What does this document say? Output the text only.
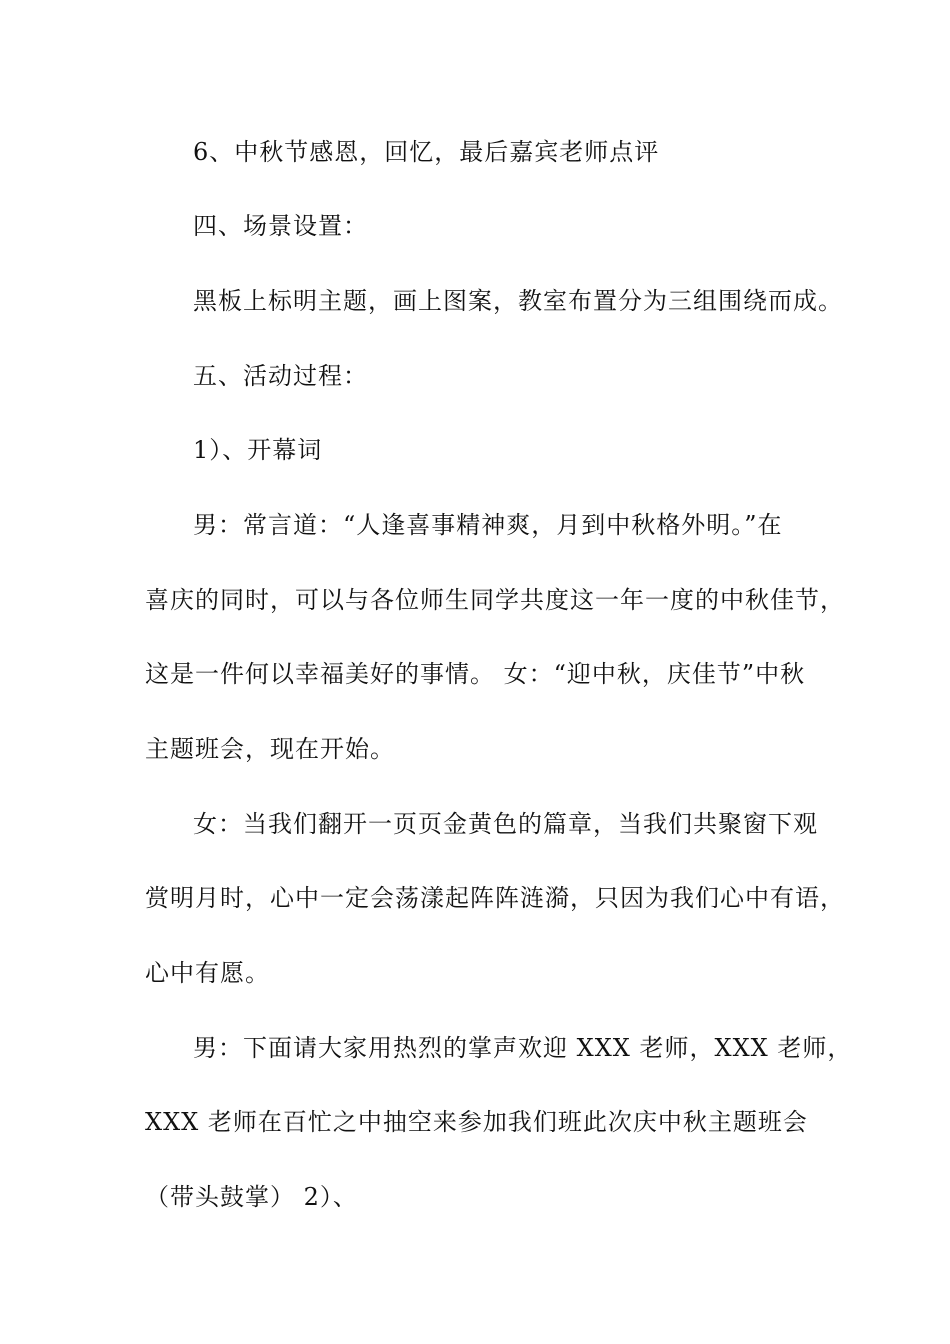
6、中秋节感恩，回忆，最后嘉宾老师点评
四、场景设置：
黑板上标明主题，画上图案，教室布置分为三组围绕而成。
五、活动过程：
1）、开幕词
男：常言道：“人逢喜事精神爽，月到中秋格外明。”在
喜庆的同时，可以与各位师生同学共度这一年一度的中秋佳节，
这是一件何以幸福美好的事情。 女：“迎中秋，庆佳节”中秋
主题班会，现在开始。
女：当我们翻开一页页金黄色的篇章，当我们共聚窗下观
赏明月时，心中一定会荡漾起阵阵涟漪，只因为我们心中有语，
心中有愿。
男：下面请大家用热烈的掌声欢迎 XXX 老师，XXX 老师，
XXX 老师在百忙之中抽空来参加我们班此次庆中秋主题班会
（带头鼓掌） 2）、
